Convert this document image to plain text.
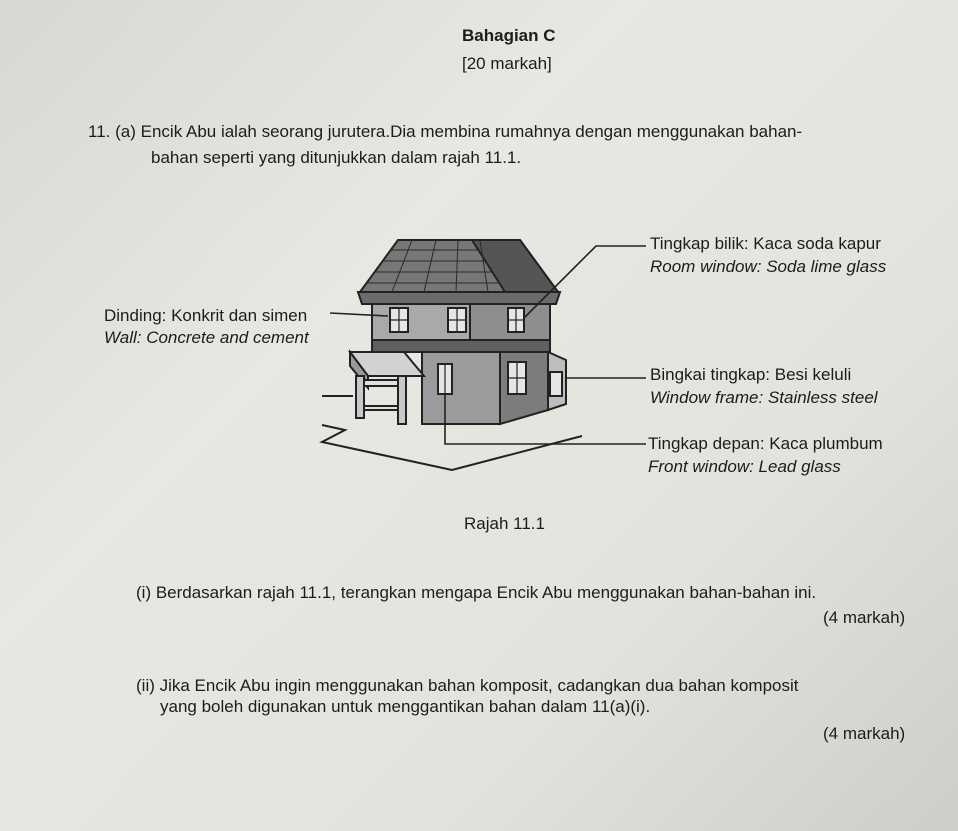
Bahagian C
[20 markah]
11. (a) Encik Abu ialah seorang jurutera.Dia membina rumahnya dengan menggunakan bahan-
bahan seperti yang ditunjukkan dalam rajah 11.1.
Tingkap bilik: Kaca soda kapur
Room window: Soda lime glass
Dinding: Konkrit dan simen
Wall: Concrete and cement
Bingkai tingkap: Besi keluli
Window frame: Stainless steel
Tingkap depan: Kaca plumbum
Front window: Lead glass
Rajah 11.1
(i) Berdasarkan rajah 11.1, terangkan mengapa Encik Abu menggunakan bahan-bahan ini.
(4 markah)
(ii) Jika Encik Abu ingin menggunakan bahan komposit, cadangkan dua bahan komposit
yang boleh digunakan untuk menggantikan bahan dalam 11(a)(i).
(4 markah)
